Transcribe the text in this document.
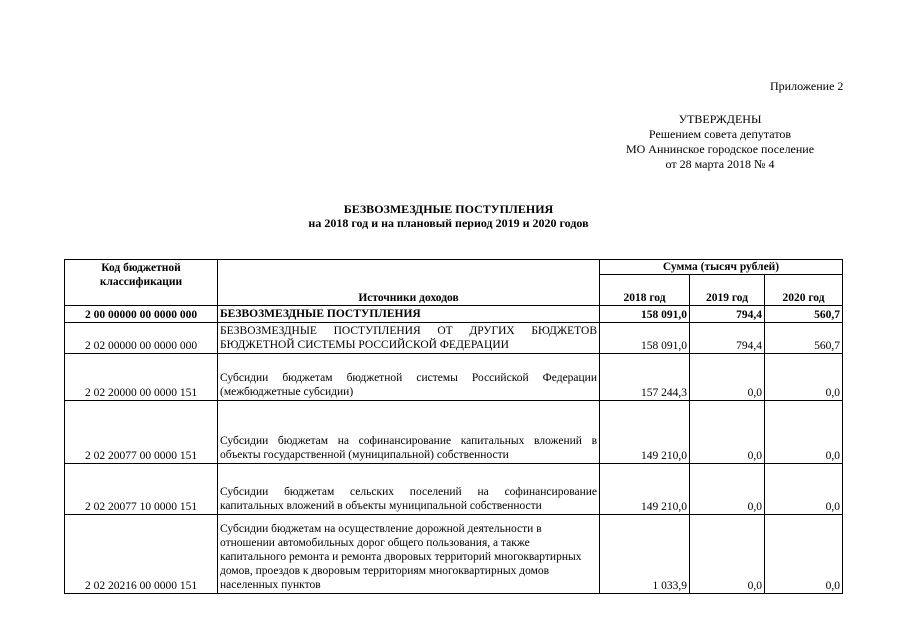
Приложение 2
УТВЕРЖДЕНЫ
Решением совета депутатов
МО Аннинское городское поселение
от 28 марта 2018 № 4
БЕЗВОЗМЕЗДНЫЕ ПОСТУПЛЕНИЯ
на 2018 год и на плановый период 2019 и 2020 годов
Код бюджетной классификации	Источники доходов	Сумма (тысяч рублей)		
		2018 год	2019 год	2020 год
2 00 00000 00 0000 000	БЕЗВОЗМЕЗДНЫЕ ПОСТУПЛЕНИЯ	158 091,0	794,4	560,7
2 02 00000 00 0000 000	БЕЗВОЗМЕЗДНЫЕ ПОСТУПЛЕНИЯ ОТ ДРУГИХ БЮДЖЕТОВ БЮДЖЕТНОЙ СИСТЕМЫ РОССИЙСКОЙ ФЕДЕРАЦИИ	158 091,0	794,4	560,7
2 02 20000 00 0000 151	Субсидии бюджетам бюджетной системы Российской Федерации (межбюджетные субсидии)	157 244,3	0,0	0,0
2 02 20077 00 0000 151	Субсидии бюджетам на софинансирование капитальных вложений в объекты государственной (муниципальной) собственности	149 210,0	0,0	0,0
2 02 20077 10 0000 151	Субсидии бюджетам сельских поселений на софинансирование капитальных вложений в объекты муниципальной собственности	149 210,0	0,0	0,0
2 02 20216 00 0000 151	Субсидии бюджетам на осуществление дорожной деятельности в отношении автомобильных дорог общего пользования, а также капитального ремонта и ремонта дворовых территорий многоквартирных домов, проездов к дворовым территориям многоквартирных домов населенных пунктов	1 033,9	0,0	0,0
